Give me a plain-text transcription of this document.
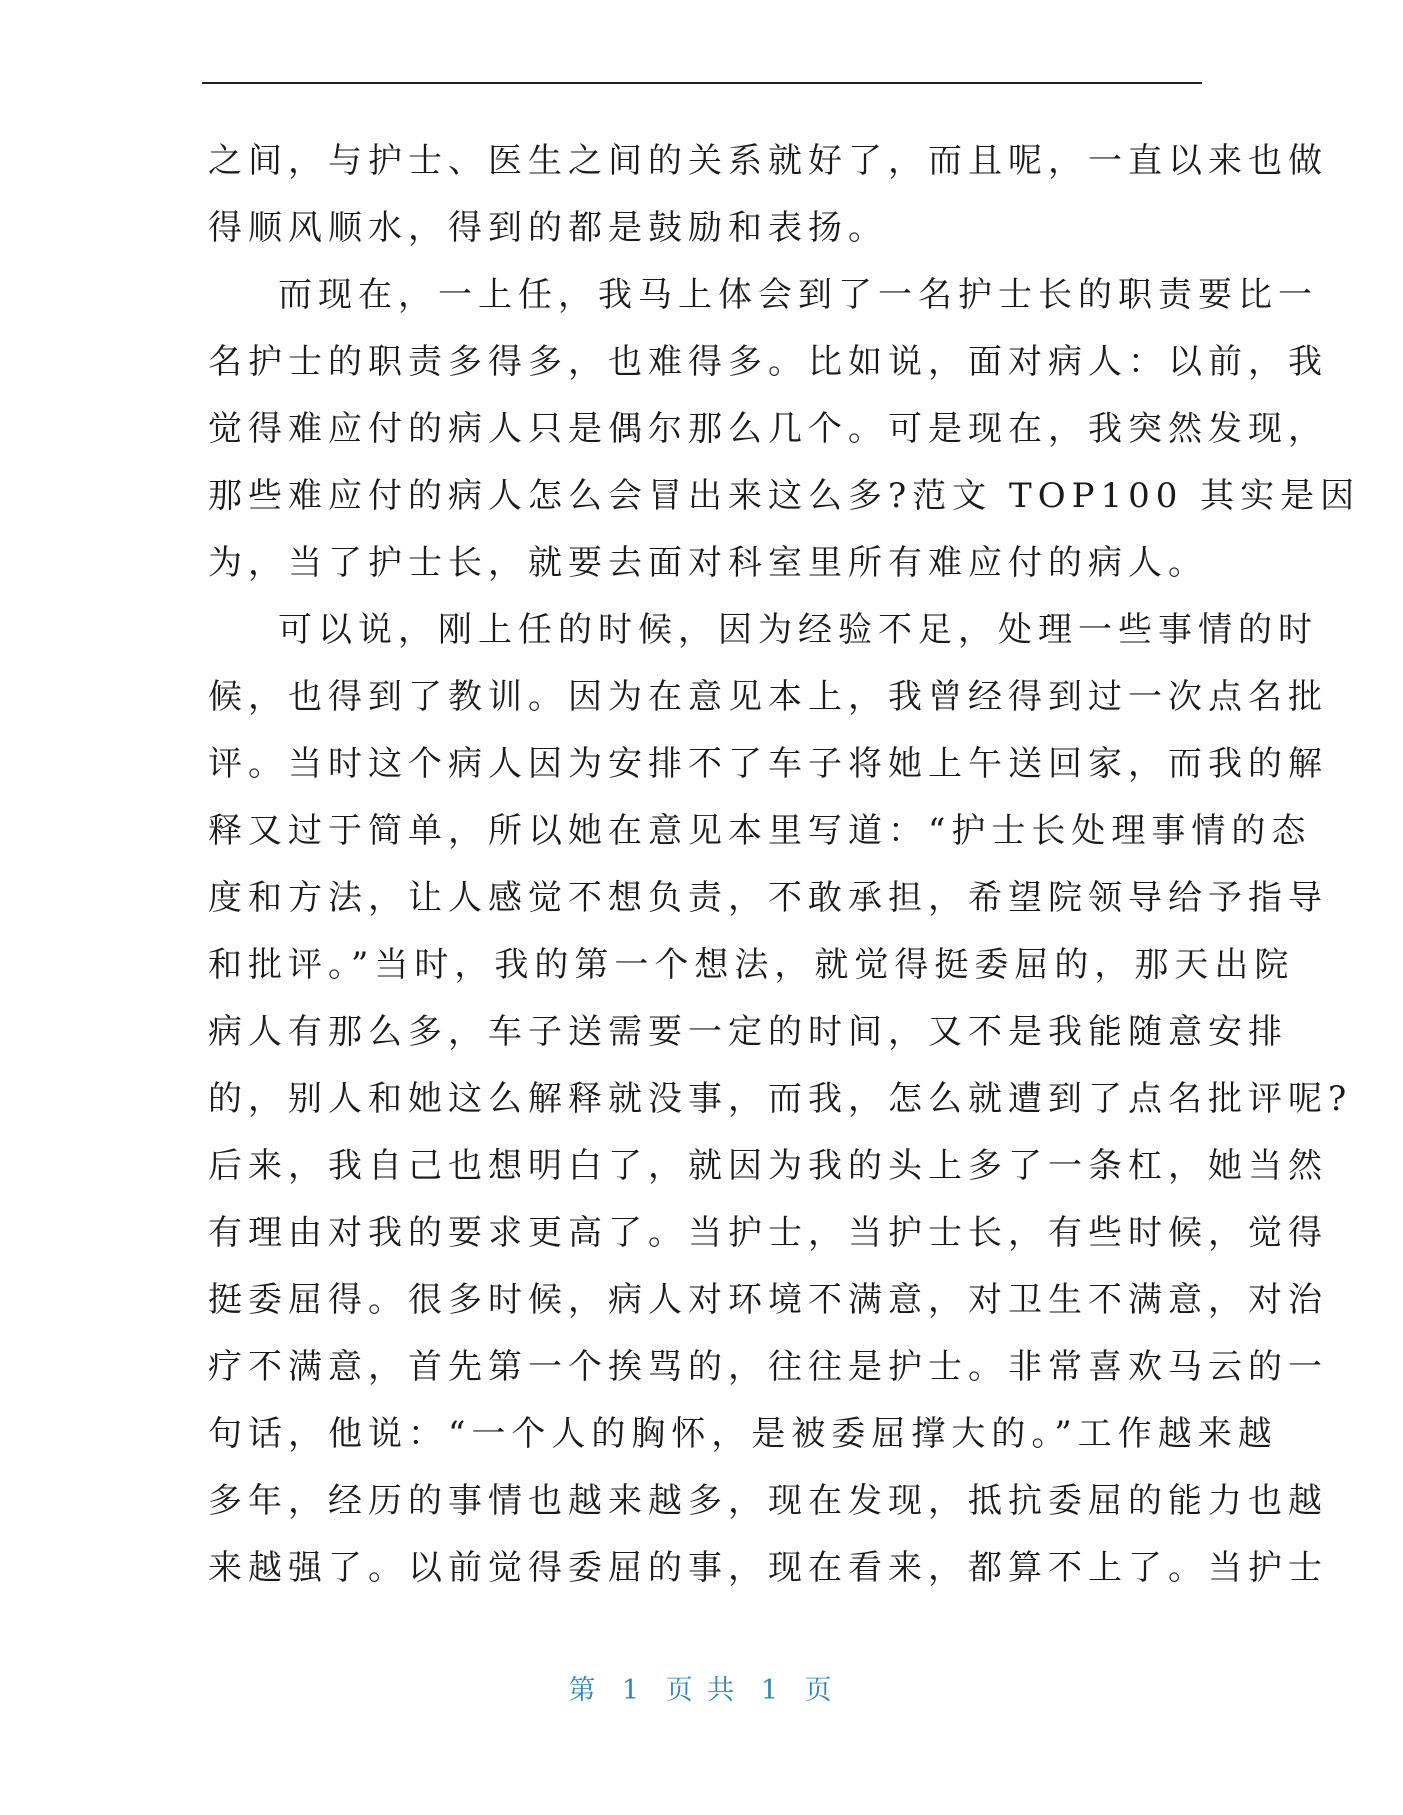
之间，与护士、医生之间的关系就好了，而且呢，一直以来也做
得顺风顺水，得到的都是鼓励和表扬。
而现在，一上任，我马上体会到了一名护士长的职责要比一
名护士的职责多得多，也难得多。比如说，面对病人：以前，我
觉得难应付的病人只是偶尔那么几个。可是现在，我突然发现，
那些难应付的病人怎么会冒出来这么多?范文 TOP100 其实是因
为，当了护士长，就要去面对科室里所有难应付的病人。
可以说，刚上任的时候，因为经验不足，处理一些事情的时
候，也得到了教训。因为在意见本上，我曾经得到过一次点名批
评。当时这个病人因为安排不了车子将她上午送回家，而我的解
释又过于简单，所以她在意见本里写道：“护士长处理事情的态
度和方法，让人感觉不想负责，不敢承担，希望院领导给予指导
和批评。”当时，我的第一个想法，就觉得挺委屈的，那天出院
病人有那么多，车子送需要一定的时间，又不是我能随意安排
的，别人和她这么解释就没事，而我，怎么就遭到了点名批评呢?
后来，我自己也想明白了，就因为我的头上多了一条杠，她当然
有理由对我的要求更高了。当护士，当护士长，有些时候，觉得
挺委屈得。很多时候，病人对环境不满意，对卫生不满意，对治
疗不满意，首先第一个挨骂的，往往是护士。非常喜欢马云的一
句话，他说：“一个人的胸怀，是被委屈撑大的。”工作越来越
多年，经历的事情也越来越多，现在发现，抵抗委屈的能力也越
来越强了。以前觉得委屈的事，现在看来，都算不上了。当护士
第 1 页 共 1 页
